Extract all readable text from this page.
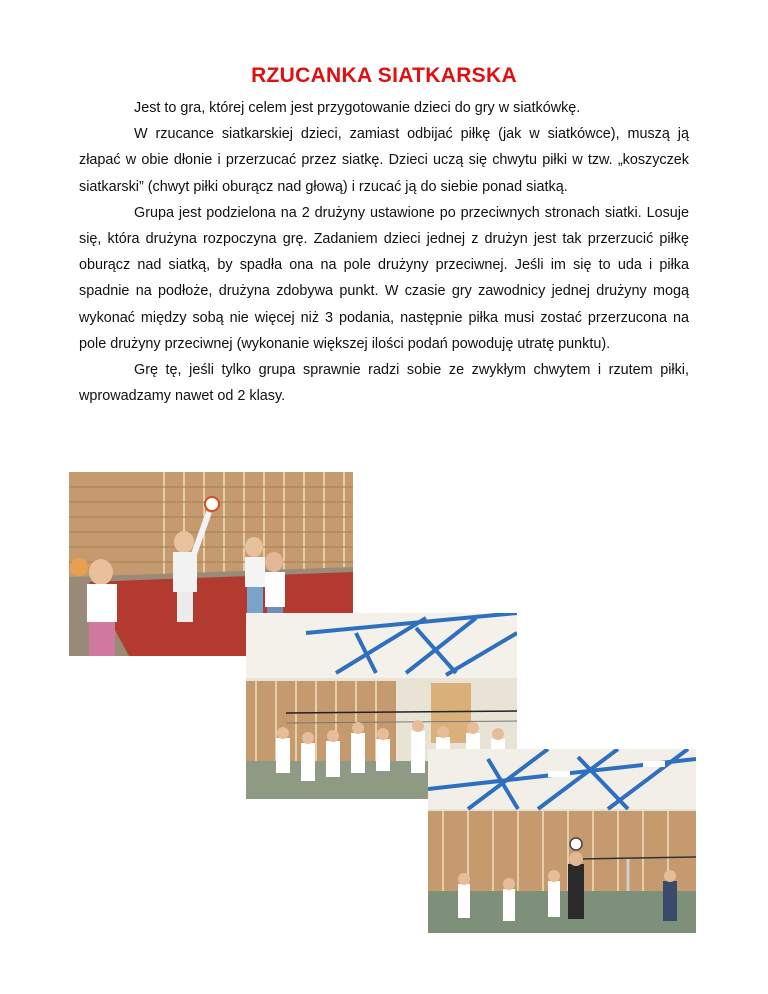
RZUCANKA SIATKARSKA

Jest to gra, której celem jest przygotowanie dzieci do gry w siatkówkę.

W rzucance siatkarskiej dzieci, zamiast odbijać piłkę (jak w siatkówce), muszą ją złapać w obie dłonie i przerzucać przez siatkę. Dzieci uczą się chwytu piłki w tzw. „koszyczek siatkarski” (chwyt piłki oburącz nad głową) i rzucać ją do siebie ponad siatką.

Grupa jest podzielona na 2 drużyny ustawione po przeciwnych stronach siatki. Losuje się, która drużyna rozpoczyna grę. Zadaniem dzieci jednej z drużyn jest tak przerzucić piłkę oburącz nad siatką, by spadła ona na pole drużyny przeciwnej. Jeśli im się to uda i piłka spadnie na podłoże, drużyna zdobywa punkt. W czasie gry zawodnicy jednej drużyny mogą wykonać między sobą nie więcej niż 3 podania, następnie piłka musi zostać przerzucona na pole drużyny przeciwnej (wykonanie większej ilości podań powoduję utratę punktu).

Grę tę, jeśli tylko grupa sprawnie radzi sobie ze zwykłym chwytem i rzutem piłki, wprowadzamy nawet od 2 klasy.
